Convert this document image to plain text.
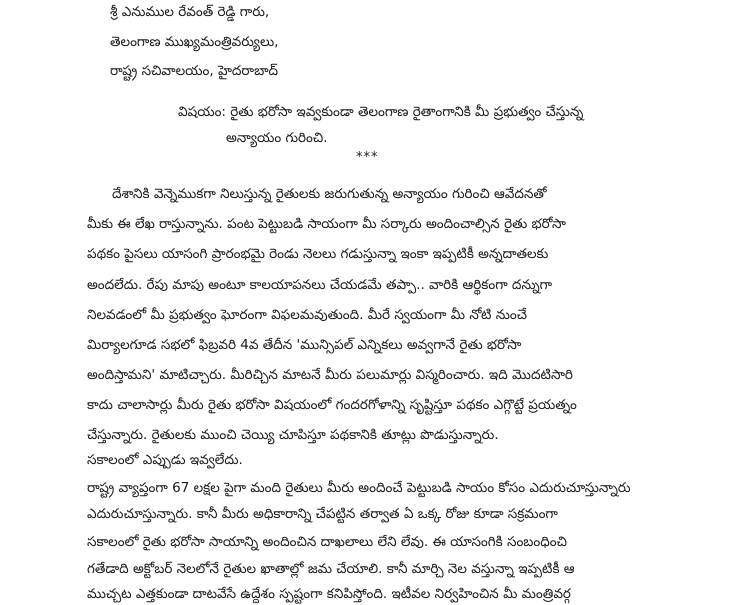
శ్రీ ఎనుముల రేవంత్ రెడ్డి గారు,
తెలంగాణ ముఖ్యమంత్రివర్యులు,
రాష్ట్ర సచివాలయం, హైదరాబాద్
విషయం: రైతు భరోసా ఇవ్వకుండా తెలంగాణ రైతాంగానికి మీ ప్రభుత్వం చేస్తున్న
అన్యాయం గురించి.
***
దేశానికి వెన్నెముకగా నిలుస్తున్న రైతులకు జరుగుతున్న అన్యాయం గురించి ఆవేదనతో
మీకు ఈ లేఖ రాస్తున్నాను. పంట పెట్టుబడి సాయంగా మీ సర్కారు అందించాల్సిన రైతు భరోసా
పథకం పైసలు యాసంగి ప్రారంభమై రెండు నెలలు గడుస్తున్నా ఇంకా ఇప్పటికీ అన్నదాతలకు
అందలేదు. రేపు మాపు అంటూ కాలయాపనలు చేయడమే తప్పా.. వారికి ఆర్థికంగా దన్నుగా
నిలవడంలో మీ ప్రభుత్వం ఘోరంగా విఫలమవుతుంది. మీరే స్వయంగా మీ నోటి నుంచే
మిర్యాలగూడ సభలో ఫిబ్రవరి 4వ తేదీన 'మున్సిపల్ ఎన్నికలు అవ్వగానే రైతు భరోసా
అందిస్తామని' మాటిచ్చారు. మీరిచ్చిన మాటనే మీరు పలుమార్లు విస్మరించారు. ఇది మొదటిసారి
కాదు చాలాసార్లు మీరు రైతు భరోసా విషయంలో గందరగోళాన్ని సృష్టిస్తూ పథకం ఎగ్గొట్టే ప్రయత్నం
చేస్తున్నారు. రైతులకు ముంచి చెయ్యి చూపిస్తూ పథకానికి తూట్లు పొడుస్తున్నారు.
సకాలంలో ఎప్పుడు ఇవ్వలేదు.
రాష్ట్ర వ్యాప్తంగా 67 లక్షల పైగా మంది రైతులు మీరు అందించే పెట్టుబడి సాయం కోసం ఎదురుచూస్తున్నారు
ఎదురుచూస్తున్నారు. కానీ మీరు అధికారాన్ని చేపట్టిన తర్వాత ఏ ఒక్క రోజు కూడా సక్రమంగా
సకాలంలో రైతు భరోసా సాయాన్ని అందించిన దాఖలాలు లేని లేవు. ఈ యాసంగికి సంబంధించి
గతేడాది అక్టోబర్ నెలలోనే రైతుల ఖాతాల్లో జమ చేయాలి. కానీ మార్చి నెల వస్తున్నా ఇప్పటికీ ఆ
ముచ్చట ఎత్తకుండా దాటవేసే ఉద్దేశం స్పష్టంగా కనిపిస్తోంది. ఇటీవల నిర్వహించిన మీ మంత్రివర్గ
